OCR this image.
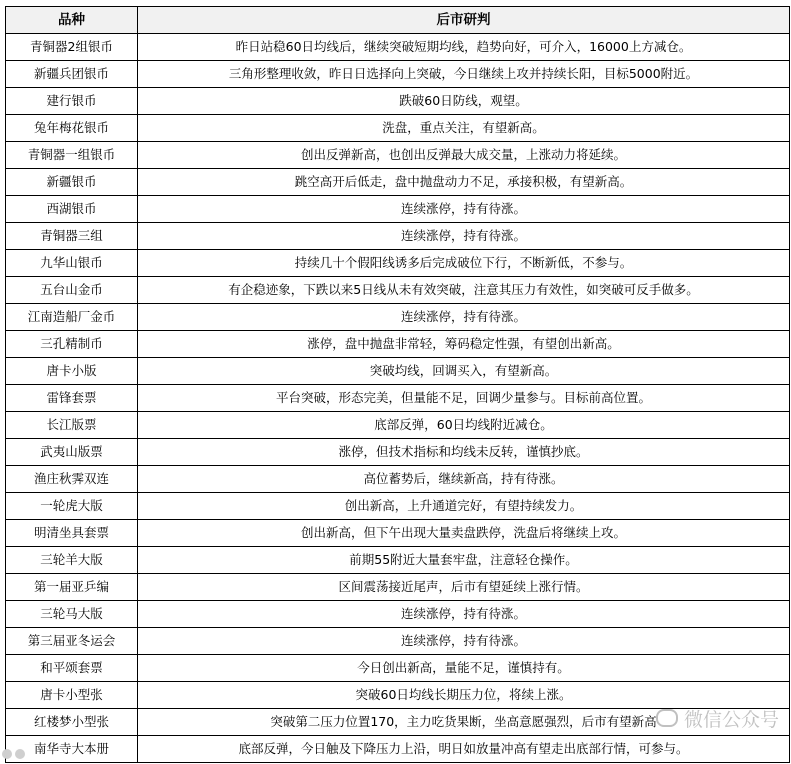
品种	后市研判
青铜器2组银币	昨日站稳60日均线后，继续突破短期均线，趋势向好，可介入，16000上方减仓。
新疆兵团银币	三角形整理收敛，昨日日选择向上突破，今日继续上攻并持续长阳，目标5000附近。
建行银币	跌破60日防线，观望。
兔年梅花银币	洗盘，重点关注，有望新高。
青铜器一组银币	创出反弹新高，也创出反弹最大成交量，上涨动力将延续。
新疆银币	跳空高开后低走，盘中抛盘动力不足，承接积极，有望新高。
西湖银币	连续涨停，持有待涨。
青铜器三组	连续涨停，持有待涨。
九华山银币	持续几十个假阳线诱多后完成破位下行，不断新低，不参与。
五台山金币	有企稳迹象，下跌以来5日线从未有效突破，注意其压力有效性，如突破可反手做多。
江南造船厂金币	连续涨停，持有待涨。
三孔精制币	涨停，盘中抛盘非常轻，筹码稳定性强，有望创出新高。
唐卡小版	突破均线，回调买入，有望新高。
雷锋套票	平台突破，形态完美，但量能不足，回调少量参与。目标前高位置。
长江版票	底部反弹，60日均线附近减仓。
武夷山版票	涨停，但技术指标和均线未反转，谨慎抄底。
渔庄秋霁双连	高位蓄势后，继续新高，持有待涨。
一轮虎大版	创出新高，上升通道完好，有望持续发力。
明清坐具套票	创出新高，但下午出现大量卖盘跌停，洗盘后将继续上攻。
三轮羊大版	前期55附近大量套牢盘，注意轻仓操作。
第一届亚乒编	区间震荡接近尾声，后市有望延续上涨行情。
三轮马大版	连续涨停，持有待涨。
第三届亚冬运会	连续涨停，持有待涨。
和平颂套票	今日创出新高，量能不足，谨慎持有。
唐卡小型张	突破60日均线长期压力位，将续上涨。
红楼梦小型张	突破第二压力位置170，主力吃货果断，坐高意愿强烈，后市有望新高
南华寺大本册	底部反弹，今日触及下降压力上沿，明日如放量冲高有望走出底部行情，可参与。
微信公众号
